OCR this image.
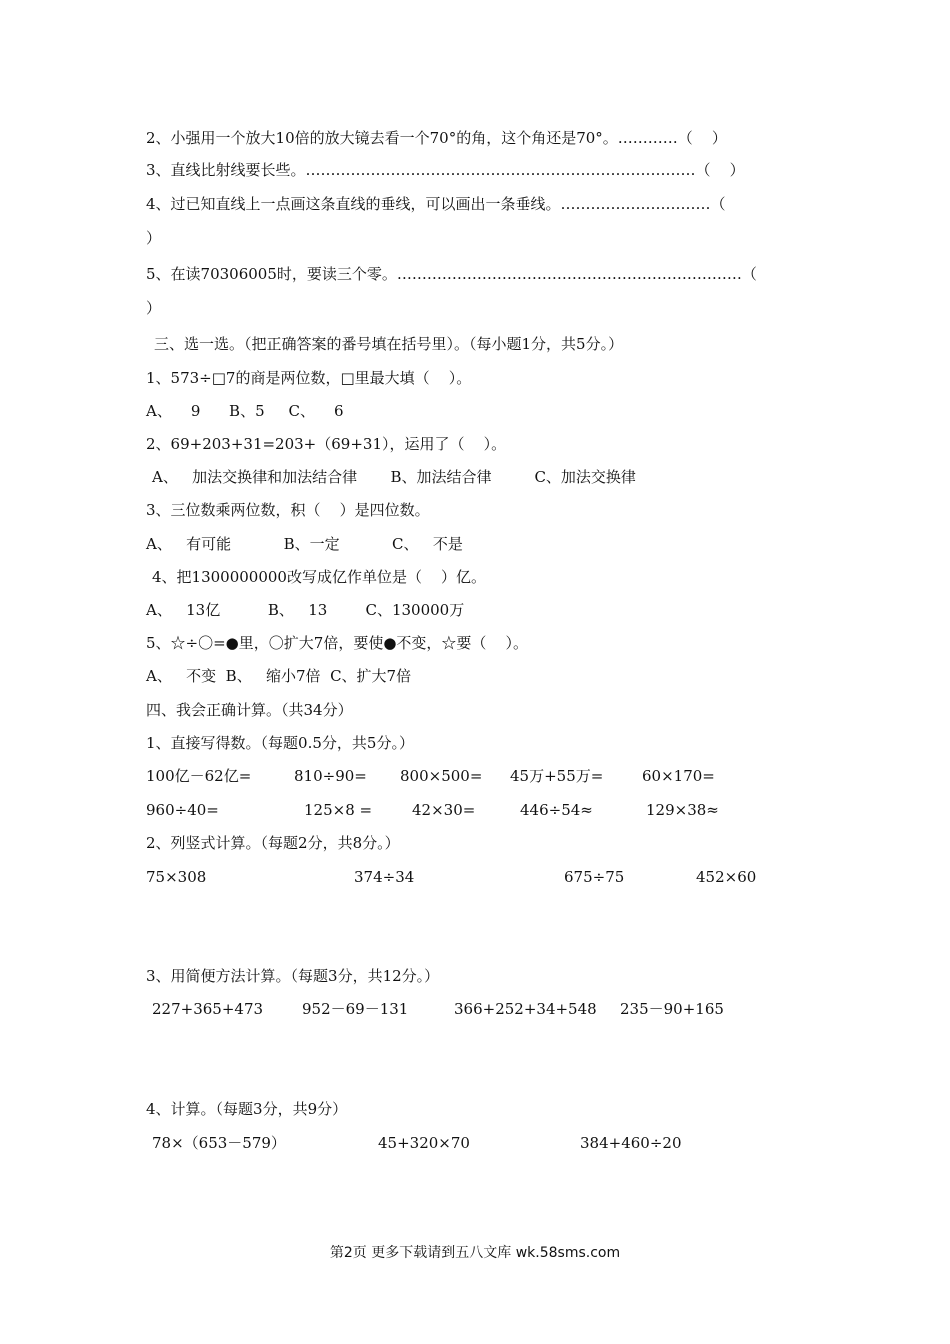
2、小强用一个放大10倍的放大镜去看一个70°的角，这个角还是70°。…………（    ）
3、直线比射线要长些。……………………………………………………………………（    ）
4、过已知直线上一点画这条直线的垂线，可以画出一条垂线。…………………………（
）
5、在读70306005时，要读三个零。……………………………………………………………（
）
三、选一选。（把正确答案的番号填在括号里）。（每小题1分，共5分。）
1、573÷□7的商是两位数，□里最大填（    ）。
A、    9      B、5     C、    6
2、69+203+31=203+（69+31），运用了（    ）。
A、   加法交换律和加法结合律       B、加法结合律         C、加法交换律
3、三位数乘两位数，积（    ）是四位数。
A、   有可能           B、一定           C、   不是
4、把1300000000改写成亿作单位是（    ）亿。
A、   13亿          B、   13        C、130000万
5、☆÷〇=●里，〇扩大7倍，要使●不变，☆要（    ）。
A、   不变  B、   缩小7倍  C、扩大7倍
四、我会正确计算。（共34分）
1、直接写得数。（每题0.5分，共5分。）
100亿－62亿=	810÷90= 800×500= 45万+55万=	60×170=
960÷40=	125×8 =	42×30=	446÷54≈	129×38≈
2、列竖式计算。（每题2分，共8分。）
75×308	374÷34	675÷75	452×60
3、用简便方法计算。（每题3分，共12分。）
227+365+473	952－69－131	366+252+34+548 235－90+165
4、计算。（每题3分，共9分）
78×（653－579）	45+320×70	384+460÷20
第2页 更多下载请到五八文库 wk.58sms.com
